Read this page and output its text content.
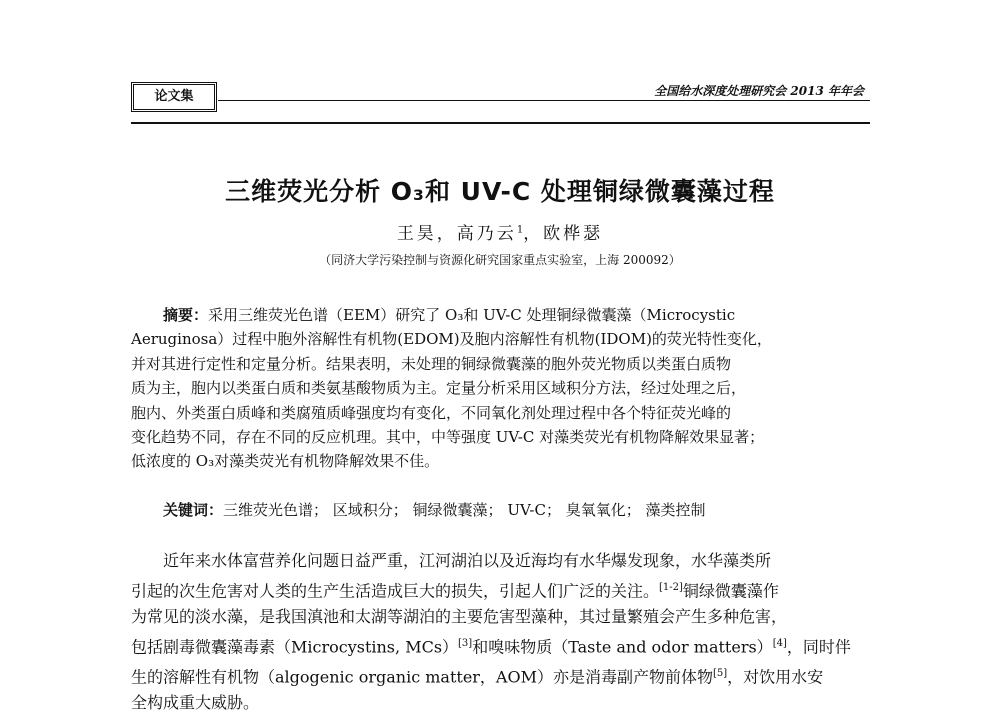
论文集	全国给水深度处理研究会 2013 年年会
三维荧光分析 O₃和 UV-C 处理铜绿微囊藻过程
王昊，高乃云$^1$，欧桦瑟
（同济大学污染控制与资源化研究国家重点实验室，上海 200092）
摘要：采用三维荧光色谱（EEM）研究了 O₃和 UV-C 处理铜绿微囊藻（Microcystic
Aeruginosa）过程中胞外溶解性有机物(EDOM)及胞内溶解性有机物(IDOM)的荧光特性变化，
并对其进行定性和定量分析。结果表明，未处理的铜绿微囊藻的胞外荧光物质以类蛋白质物
质为主，胞内以类蛋白质和类氨基酸物质为主。定量分析采用区域积分方法，经过处理之后，
胞内、外类蛋白质峰和类腐殖质峰强度均有变化，不同氧化剂处理过程中各个特征荧光峰的
变化趋势不同，存在不同的反应机理。其中，中等强度 UV-C 对藻类荧光有机物降解效果显著；
低浓度的 O₃对藻类荧光有机物降解效果不佳。
关键词：三维荧光色谱； 区域积分； 铜绿微囊藻； UV-C； 臭氧氧化； 藻类控制
近年来水体富营养化问题日益严重，江河湖泊以及近海均有水华爆发现象，水华藻类所
引起的次生危害对人类的生产生活造成巨大的损失，引起人们广泛的关注。[1-2]铜绿微囊藻作
为常见的淡水藻，是我国滇池和太湖等湖泊的主要危害型藻种，其过量繁殖会产生多种危害，
包括剧毒微囊藻毒素（Microcystins, MCs）[3]和嗅味物质（Taste and odor matters）[4]，同时伴
生的溶解性有机物（algogenic organic matter，AOM）亦是消毒副产物前体物[5]，对饮用水安
全构成重大威胁。
